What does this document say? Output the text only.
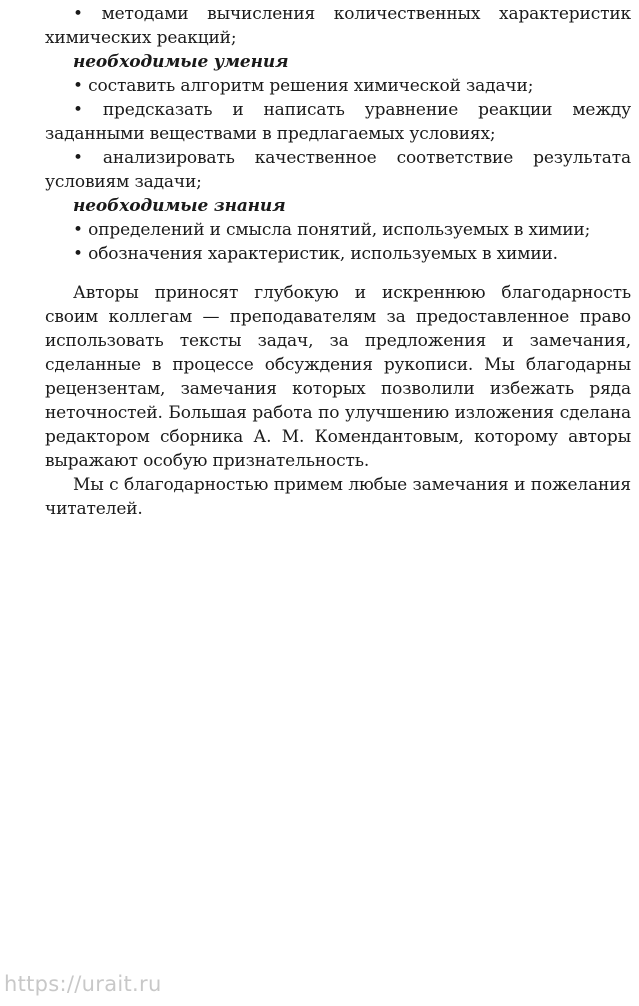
• методами вычисления количественных характеристик химических реакций;

необходимые умения

• составить алгоритм решения химической задачи;

• предсказать и написать уравнение реакции между заданными веществами в предлагаемых условиях;

• анализировать качественное соответствие результата условиям задачи;

необходимые знания

• определений и смысла понятий, используемых в химии;

• обозначения характеристик, используемых в химии.

Авторы приносят глубокую и искреннюю благодарность своим коллегам — преподавателям за предоставленное право использовать тексты задач, за предложения и замечания, сделанные в процессе обсуждения рукописи. Мы благодарны рецензентам, замечания которых позволили избежать ряда неточностей. Большая работа по улучшению изложения сделана редактором сборника А. М. Комендантовым, которому авторы выражают особую признательность.

Мы с благодарностью примем любые замечания и пожелания читателей.

https://urait.ru
